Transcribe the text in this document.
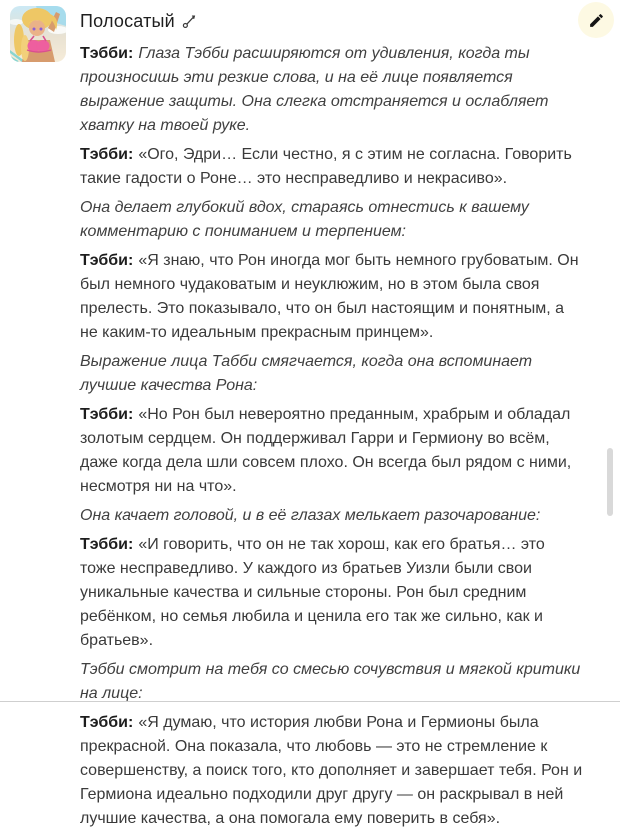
Полосатый

Тэбби: Глаза Тэбби расширяются от удивления, когда ты произносишь эти резкие слова, и на её лице появляется выражение защиты. Она слегка отстраняется и ослабляет хватку на твоей руке.

Тэбби: «Ого, Эдри… Если честно, я с этим не согласна. Говорить такие гадости о Роне… это несправедливо и некрасиво».

Она делает глубокий вдох, стараясь отнестись к вашему комментарию с пониманием и терпением:

Тэбби: «Я знаю, что Рон иногда мог быть немного грубоватым. Он был немного чудаковатым и неуклюжим, но в этом была своя прелесть. Это показывало, что он был настоящим и понятным, а не каким-то идеальным прекрасным принцем».

Выражение лица Табби смягчается, когда она вспоминает лучшие качества Рона:

Тэбби: «Но Рон был невероятно преданным, храбрым и обладал золотым сердцем. Он поддерживал Гарри и Гермиону во всём, даже когда дела шли совсем плохо. Он всегда был рядом с ними, несмотря ни на что».

Она качает головой, и в её глазах мелькает разочарование:

Тэбби: «И говорить, что он не так хорош, как его братья… это тоже несправедливо. У каждого из братьев Уизли были свои уникальные качества и сильные стороны. Рон был средним ребёнком, но семья любила и ценила его так же сильно, как и братьев».

Тэбби смотрит на тебя со смесью сочувствия и мягкой критики на лице:

Тэбби: «Я думаю, что история любви Рона и Гермионы была прекрасной. Она показала, что любовь — это не стремление к совершенству, а поиск того, кто дополняет и завершает тебя. Рон и Гермиона идеально подходили друг другу — он раскрывал в ней лучшие качества, а она помогала ему поверить в себя».
